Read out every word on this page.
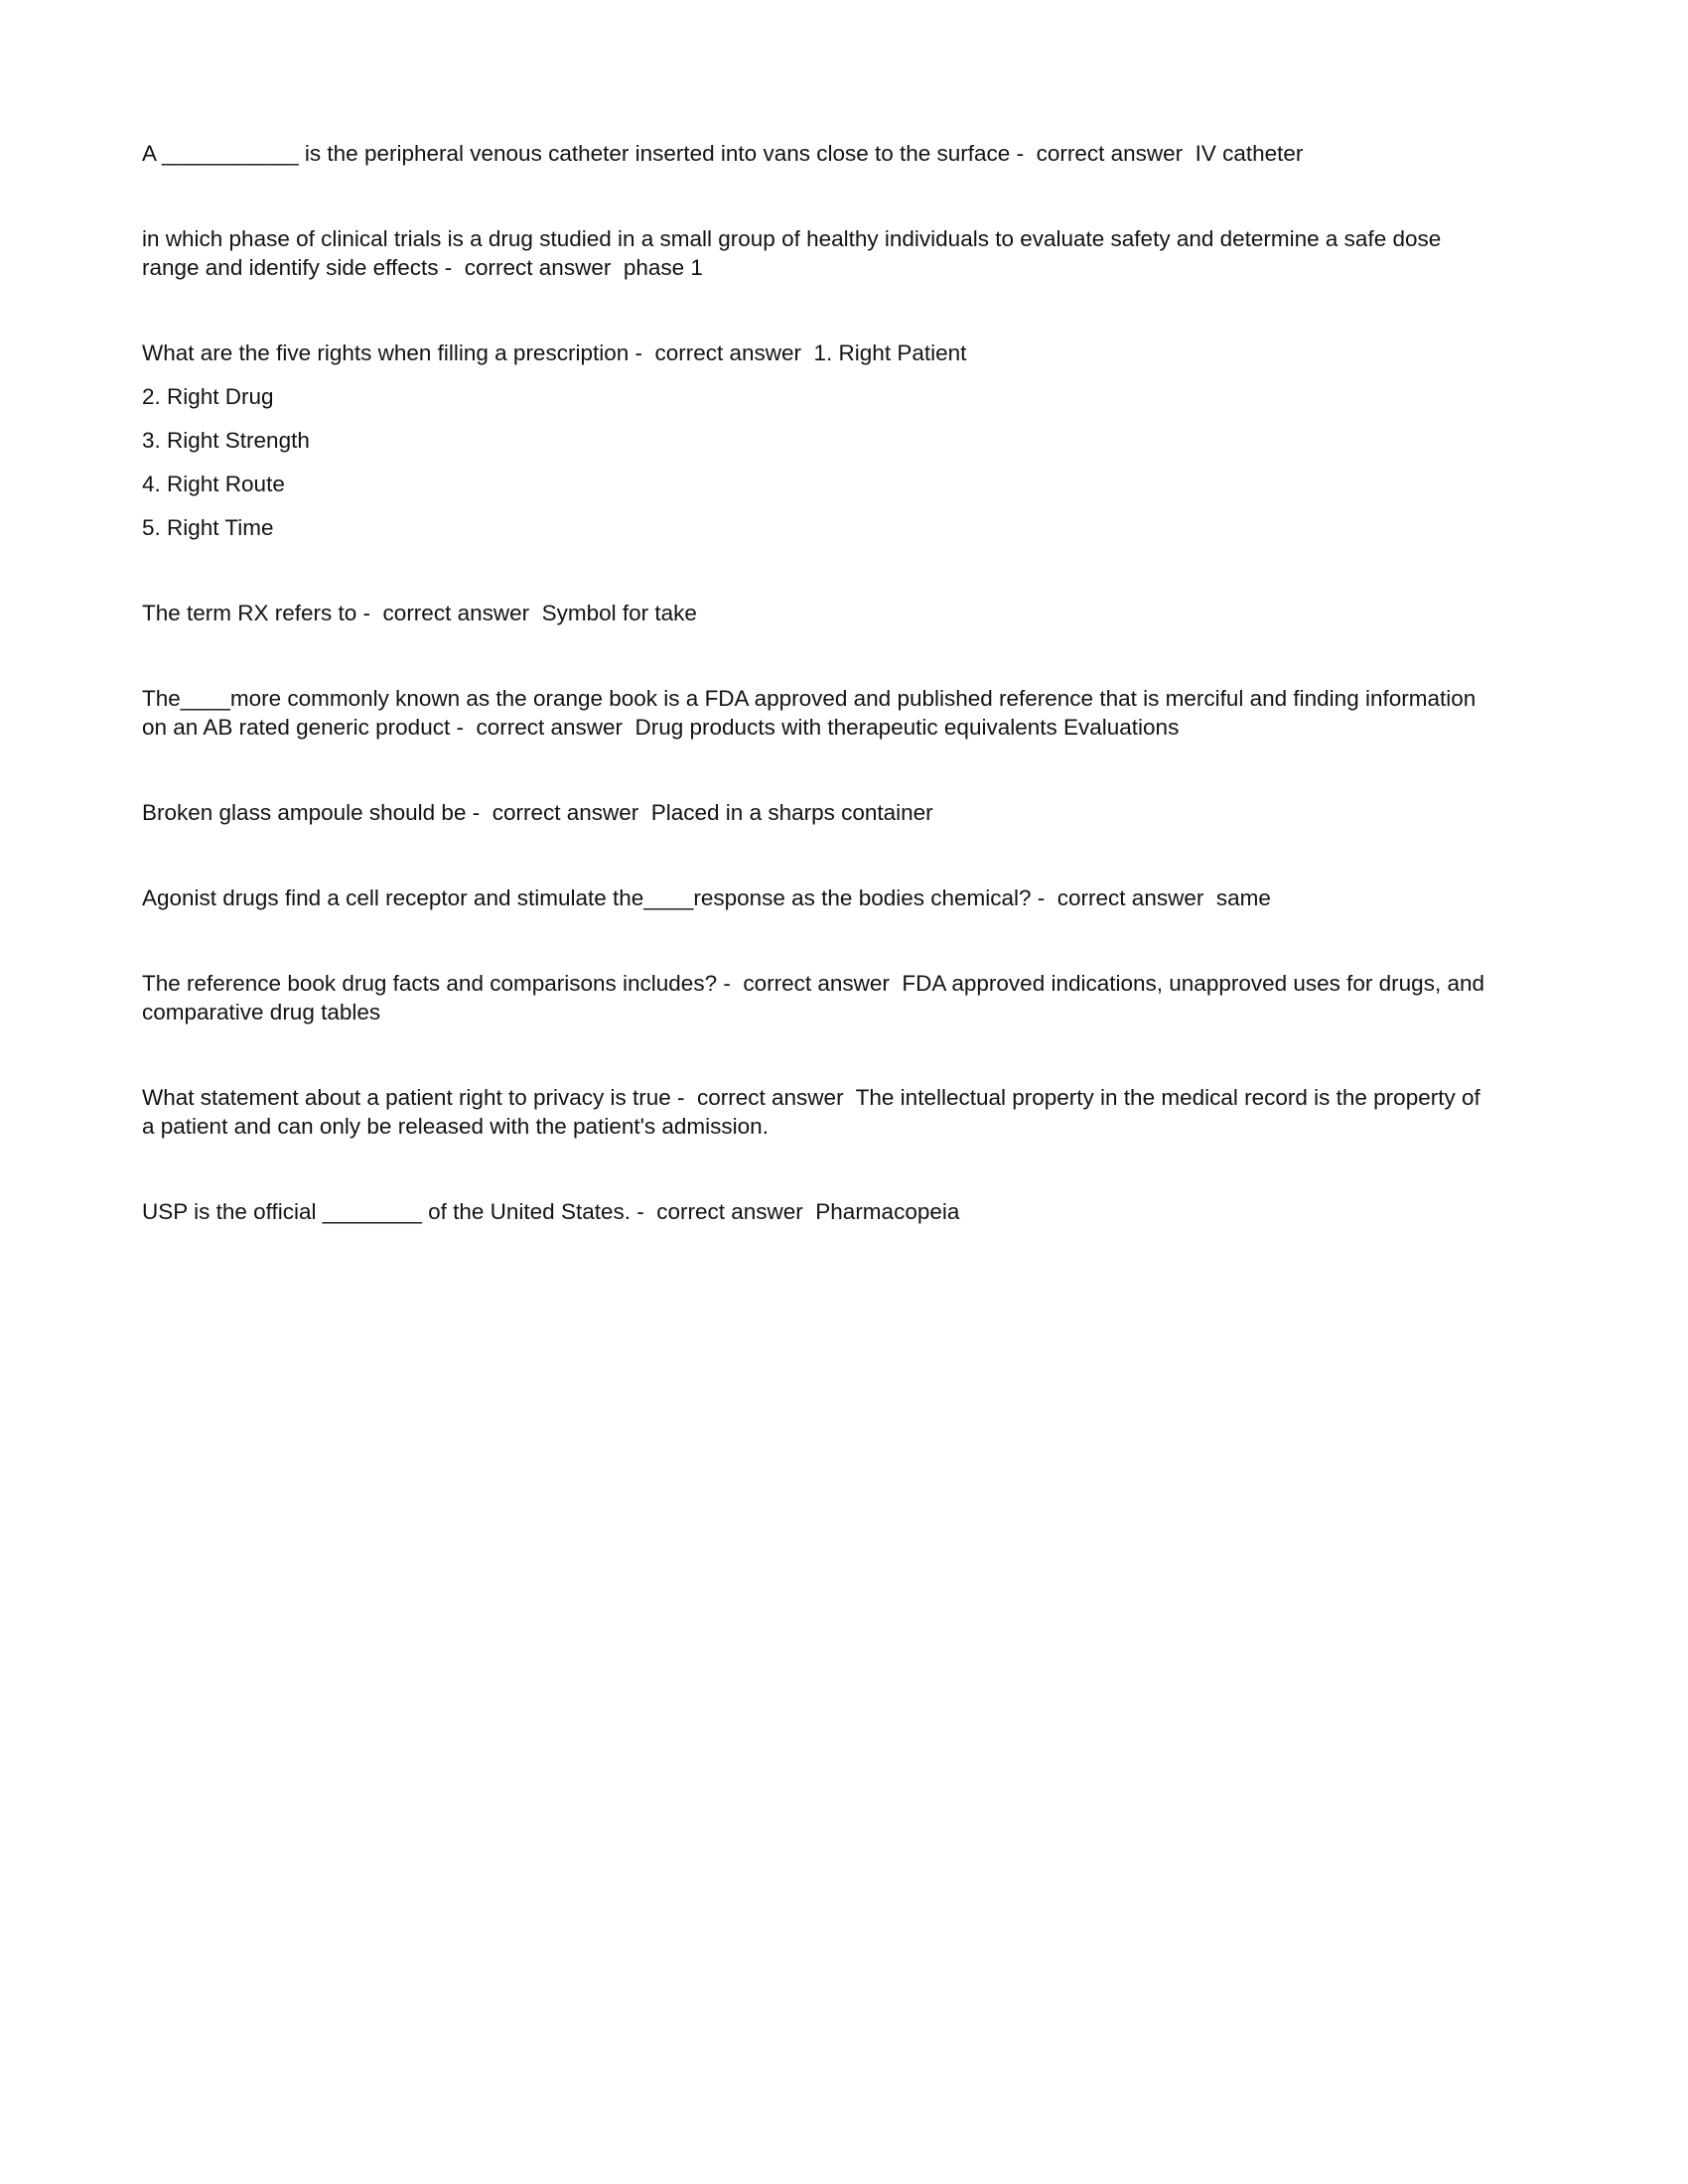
A ___________ is the peripheral venous catheter inserted into vans close to the surface -  correct answer  IV catheter

in which phase of clinical trials is a drug studied in a small group of healthy individuals to evaluate safety and determine a safe dose range and identify side effects -  correct answer  phase 1

What are the five rights when filling a prescription -  correct answer  1. Right Patient

2. Right Drug

3. Right Strength

4. Right Route

5. Right Time

The term RX refers to -  correct answer  Symbol for take

The____more commonly known as the orange book is a FDA approved and published reference that is merciful and finding information on an AB rated generic product -  correct answer  Drug products with therapeutic equivalents Evaluations

Broken glass ampoule should be -  correct answer  Placed in a sharps container

Agonist drugs find a cell receptor and stimulate the____response as the bodies chemical? -  correct answer  same

The reference book drug facts and comparisons includes? -  correct answer  FDA approved indications, unapproved uses for drugs, and comparative drug tables

What statement about a patient right to privacy is true -  correct answer  The intellectual property in the medical record is the property of a patient and can only be released with the patient's admission.

USP is the official ________ of the United States. -  correct answer  Pharmacopeia
